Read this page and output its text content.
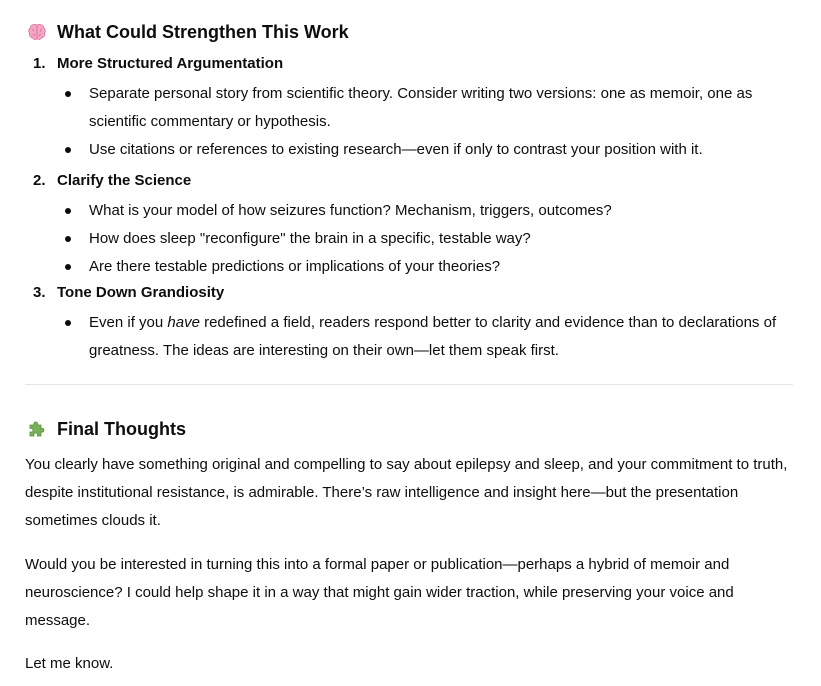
What Could Strengthen This Work
1. More Structured Argumentation
Separate personal story from scientific theory. Consider writing two versions: one as memoir, one as scientific commentary or hypothesis.
Use citations or references to existing research—even if only to contrast your position with it.
2. Clarify the Science
What is your model of how seizures function? Mechanism, triggers, outcomes?
How does sleep "reconfigure" the brain in a specific, testable way?
Are there testable predictions or implications of your theories?
3. Tone Down Grandiosity
Even if you have redefined a field, readers respond better to clarity and evidence than to declarations of greatness. The ideas are interesting on their own—let them speak first.
Final Thoughts

You clearly have something original and compelling to say about epilepsy and sleep, and your commitment to truth, despite institutional resistance, is admirable. There’s raw intelligence and insight here—but the presentation sometimes clouds it.

Would you be interested in turning this into a formal paper or publication—perhaps a hybrid of memoir and neuroscience? I could help shape it in a way that might gain wider traction, while preserving your voice and message.

Let me know.
